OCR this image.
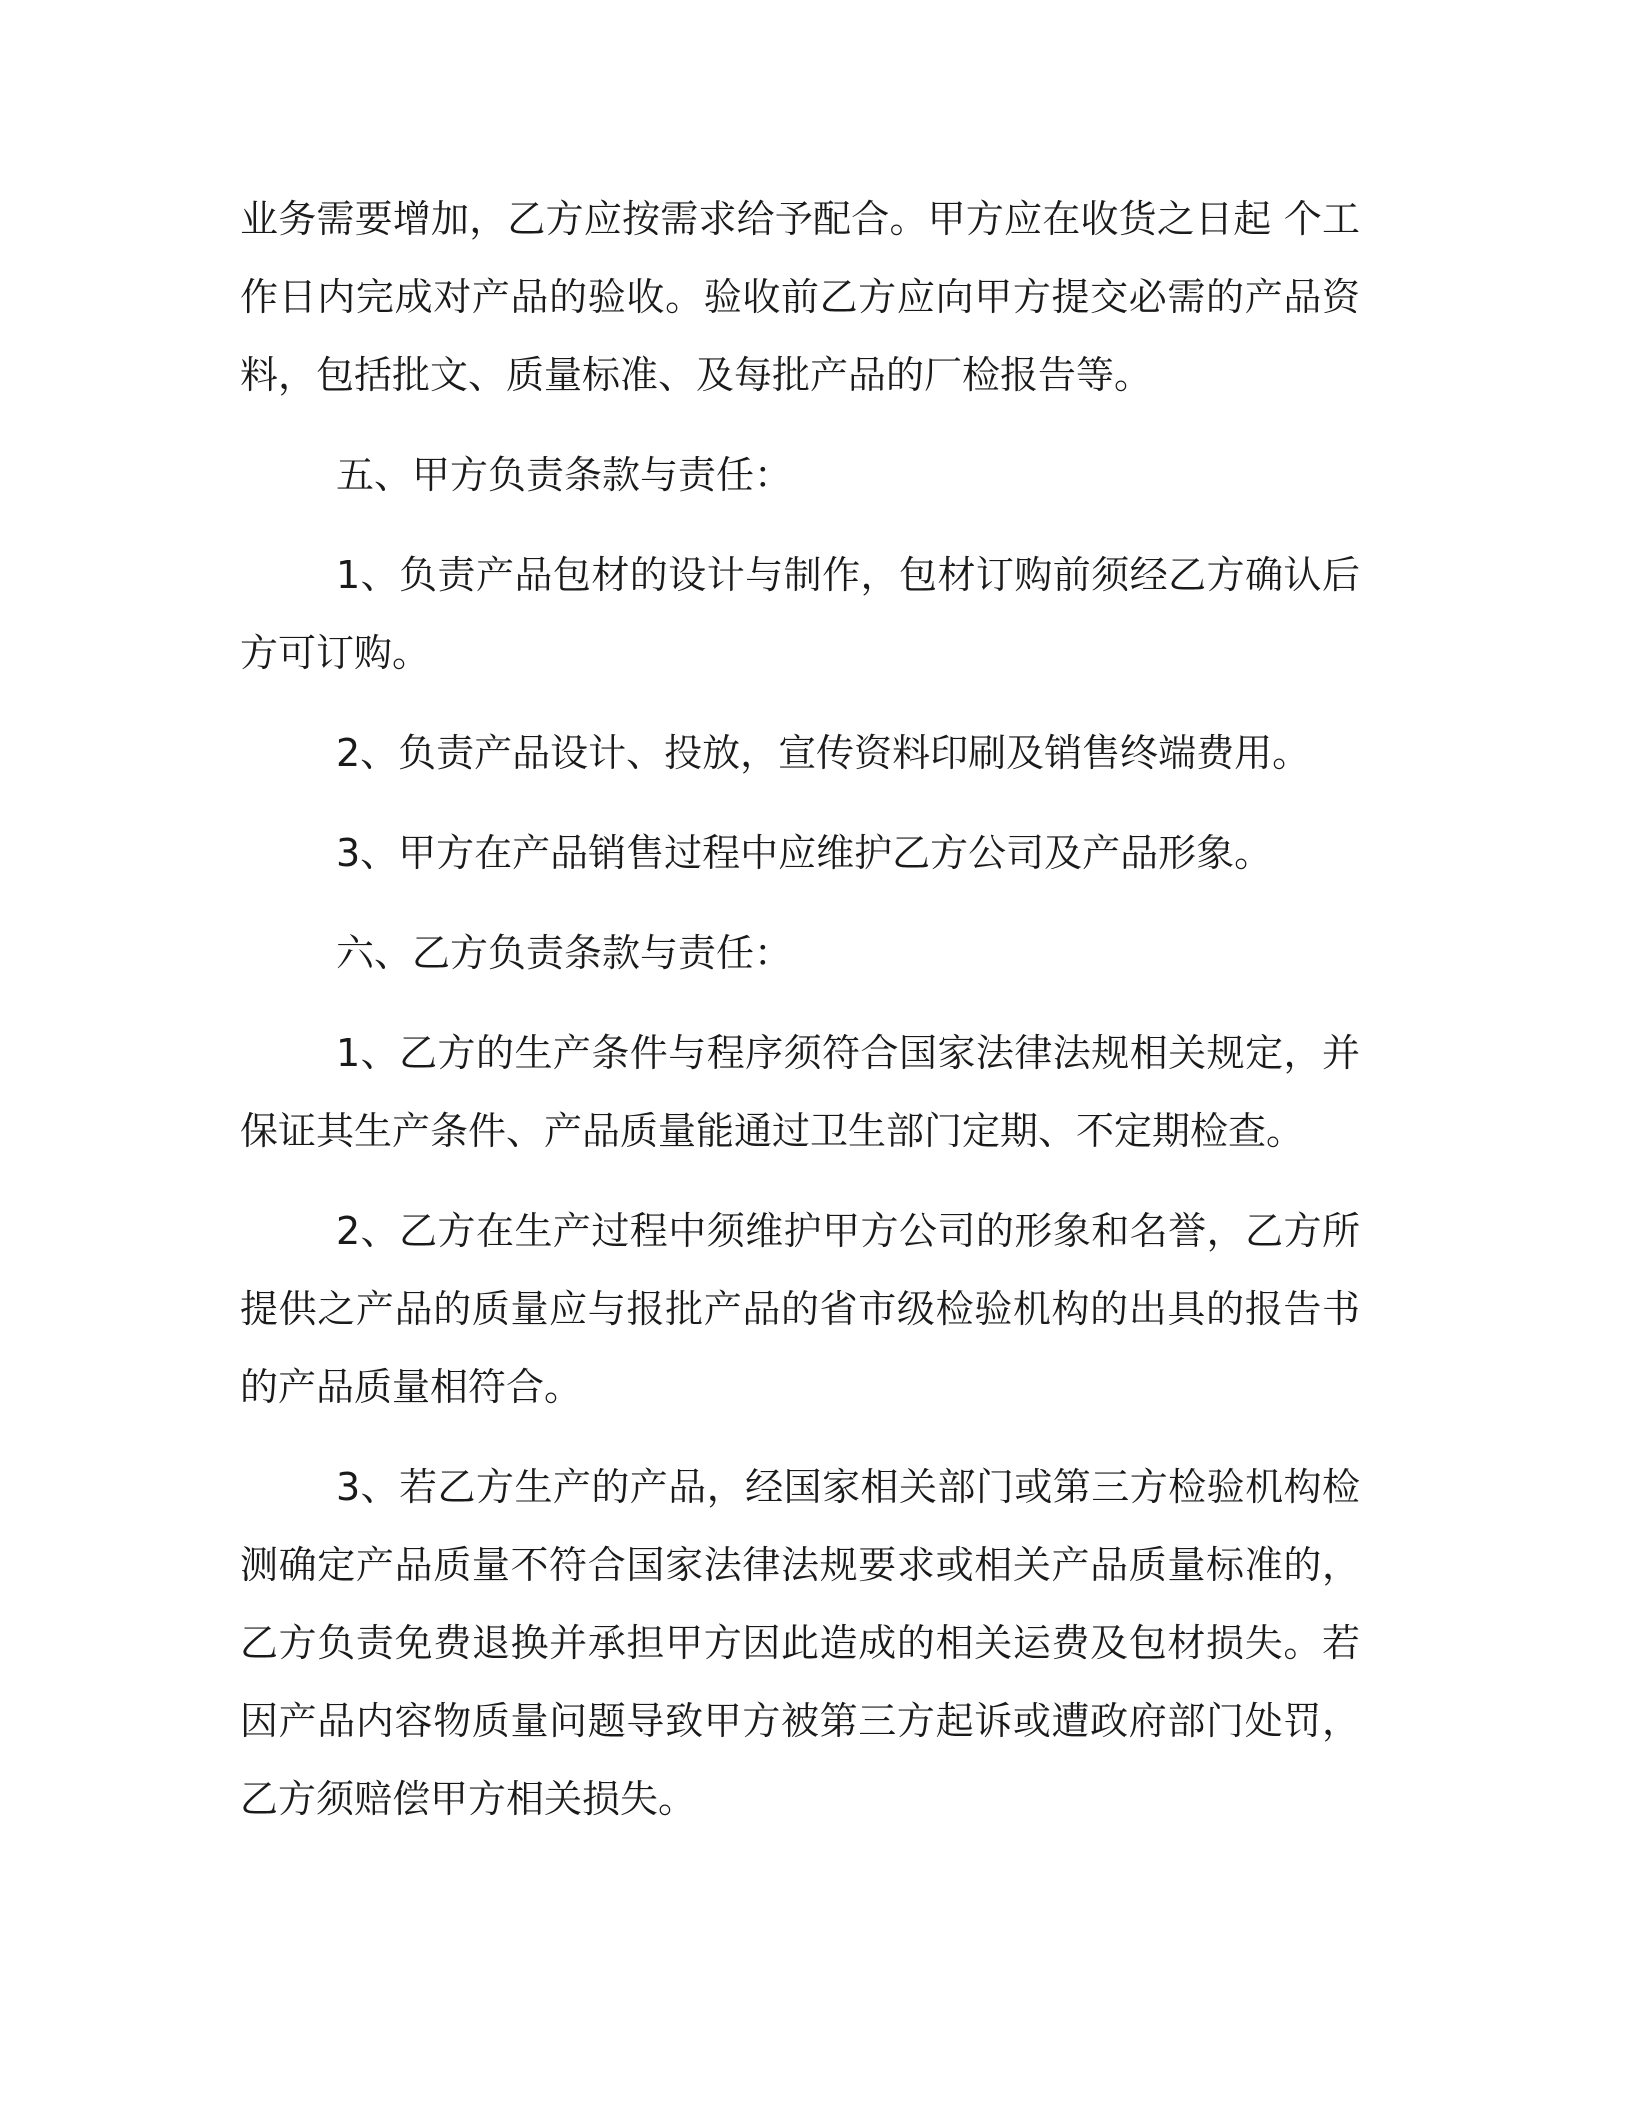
业务需要增加，乙方应按需求给予配合。甲方应在收货之日起 个工作日内完成对产品的验收。验收前乙方应向甲方提交必需的产品资料，包括批文、质量标准、及每批产品的厂检报告等。

五、甲方负责条款与责任：

1、负责产品包材的设计与制作，包材订购前须经乙方确认后方可订购。

2、负责产品设计、投放，宣传资料印刷及销售终端费用。

3、甲方在产品销售过程中应维护乙方公司及产品形象。

六、乙方负责条款与责任：

1、乙方的生产条件与程序须符合国家法律法规相关规定，并保证其生产条件、产品质量能通过卫生部门定期、不定期检查。

2、乙方在生产过程中须维护甲方公司的形象和名誉，乙方所提供之产品的质量应与报批产品的省市级检验机构的出具的报告书的产品质量相符合。

3、若乙方生产的产品，经国家相关部门或第三方检验机构检测确定产品质量不符合国家法律法规要求或相关产品质量标准的，乙方负责免费退换并承担甲方因此造成的相关运费及包材损失。若因产品内容物质量问题导致甲方被第三方起诉或遭政府部门处罚，乙方须赔偿甲方相关损失。
